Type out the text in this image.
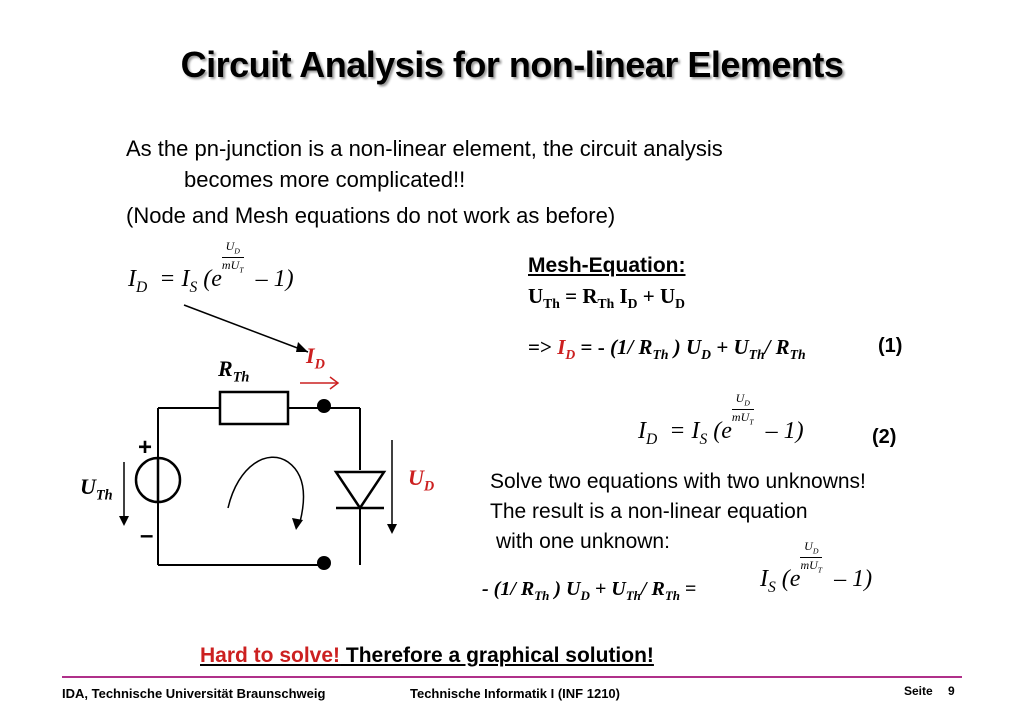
Circuit Analysis for non-linear Elements
As the pn-junction is a non-linear element, the circuit analysis
becomes more complicated!!
(Node and Mesh equations do not work as before)
$I_D = I_S$ (e
$\frac{U_D}{mU_T}$
– 1)
$R_{Th}$
$I_D$
$U_{Th}$
$U_D$
+
–
Mesh-Equation:
$U_{Th} = R_{Th}$ $I_D + U_D$
=> $I_D$ = - (1/ $R_{Th}$ ) $U_D + U_{Th}/$ $R_{Th}$	(1)
$I_D = I_S$ (e
$\frac{U_D}{mU_T}$
– 1)	(2)
Solve two equations with two unknowns!
The result is a non-linear equation
with one unknown:
- (1/ $R_{Th}$ ) $U_D + U_{Th}/$ $R_{Th}$ =	$I_S$ (e
$\frac{U_D}{mU_T}$
– 1)
Hard to solve! Therefore a graphical solution!
IDA, Technische Universität Braunschweig	Technische Informatik I (INF 1210)	Seite 9
